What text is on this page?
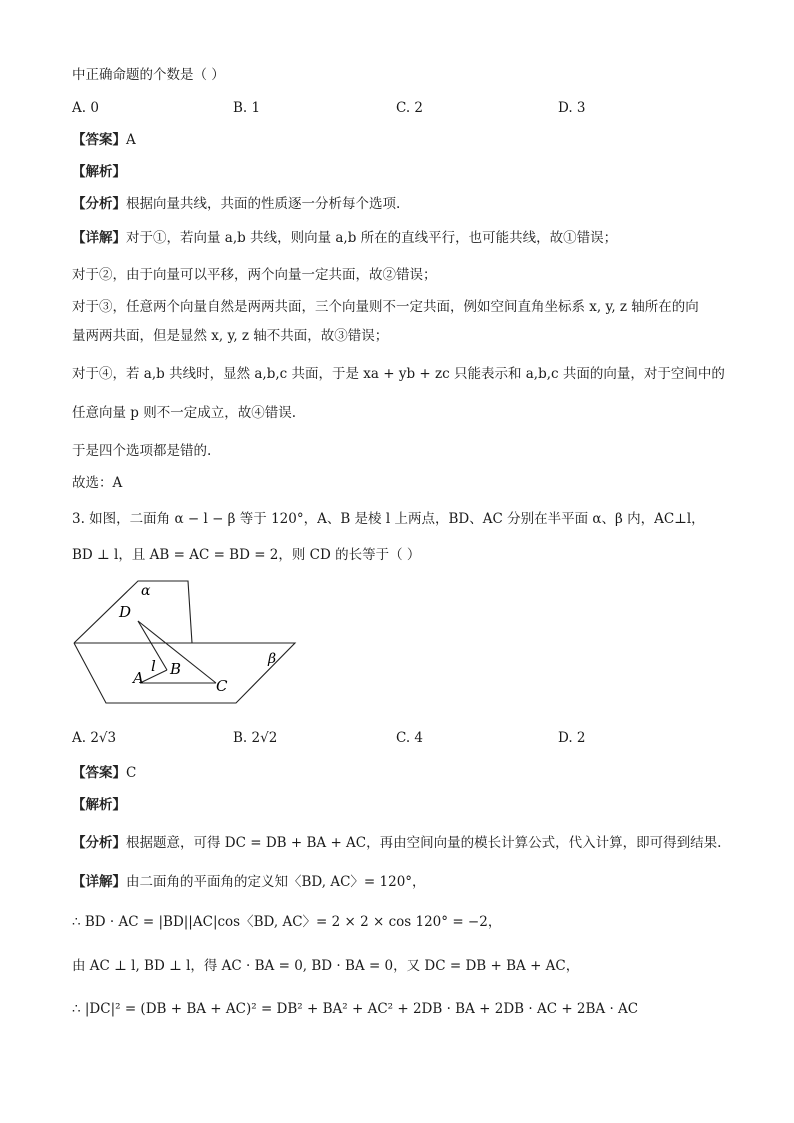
中正确命题的个数是（ ）
A. 0	B. 1	C. 2	D. 3
【答案】A
【解析】
【分析】根据向量共线，共面的性质逐一分析每个选项.
【详解】对于①，若向量 a,b 共线，则向量 a,b 所在的直线平行，也可能共线，故①错误；
对于②，由于向量可以平移，两个向量一定共面，故②错误；
对于③，任意两个向量自然是两两共面，三个向量则不一定共面，例如空间直角坐标系 x, y, z 轴所在的向
量两两共面，但是显然 x, y, z 轴不共面，故③错误；
对于④，若 a,b 共线时，显然 a,b,c 共面，于是 xa + yb + zc 只能表示和 a,b,c 共面的向量，对于空间中的
任意向量 p 则不一定成立，故④错误.
于是四个选项都是错的.
故选：A
3. 如图，二面角 α − l − β 等于 120°，A、B 是棱 l 上两点，BD、AC 分别在半平面 α、β 内，AC⊥l，
BD ⊥ l，且 AB = AC = BD = 2，则 CD 的长等于（ ）
α
β
D
l B
A	C
A. 2√3	B. 2√2	C. 4	D. 2
【答案】C
【解析】
【分析】根据题意，可得 DC = DB + BA + AC，再由空间向量的模长计算公式，代入计算，即可得到结果.
【详解】由二面角的平面角的定义知〈BD, AC〉= 120°，
∴ BD · AC = |BD||AC|cos〈BD, AC〉= 2 × 2 × cos 120° = −2，
由 AC ⊥ l, BD ⊥ l，得 AC · BA = 0, BD · BA = 0，又 DC = DB + BA + AC，
∴ |DC|² = (DB + BA + AC)² = DB² + BA² + AC² + 2DB · BA + 2DB · AC + 2BA · AC
